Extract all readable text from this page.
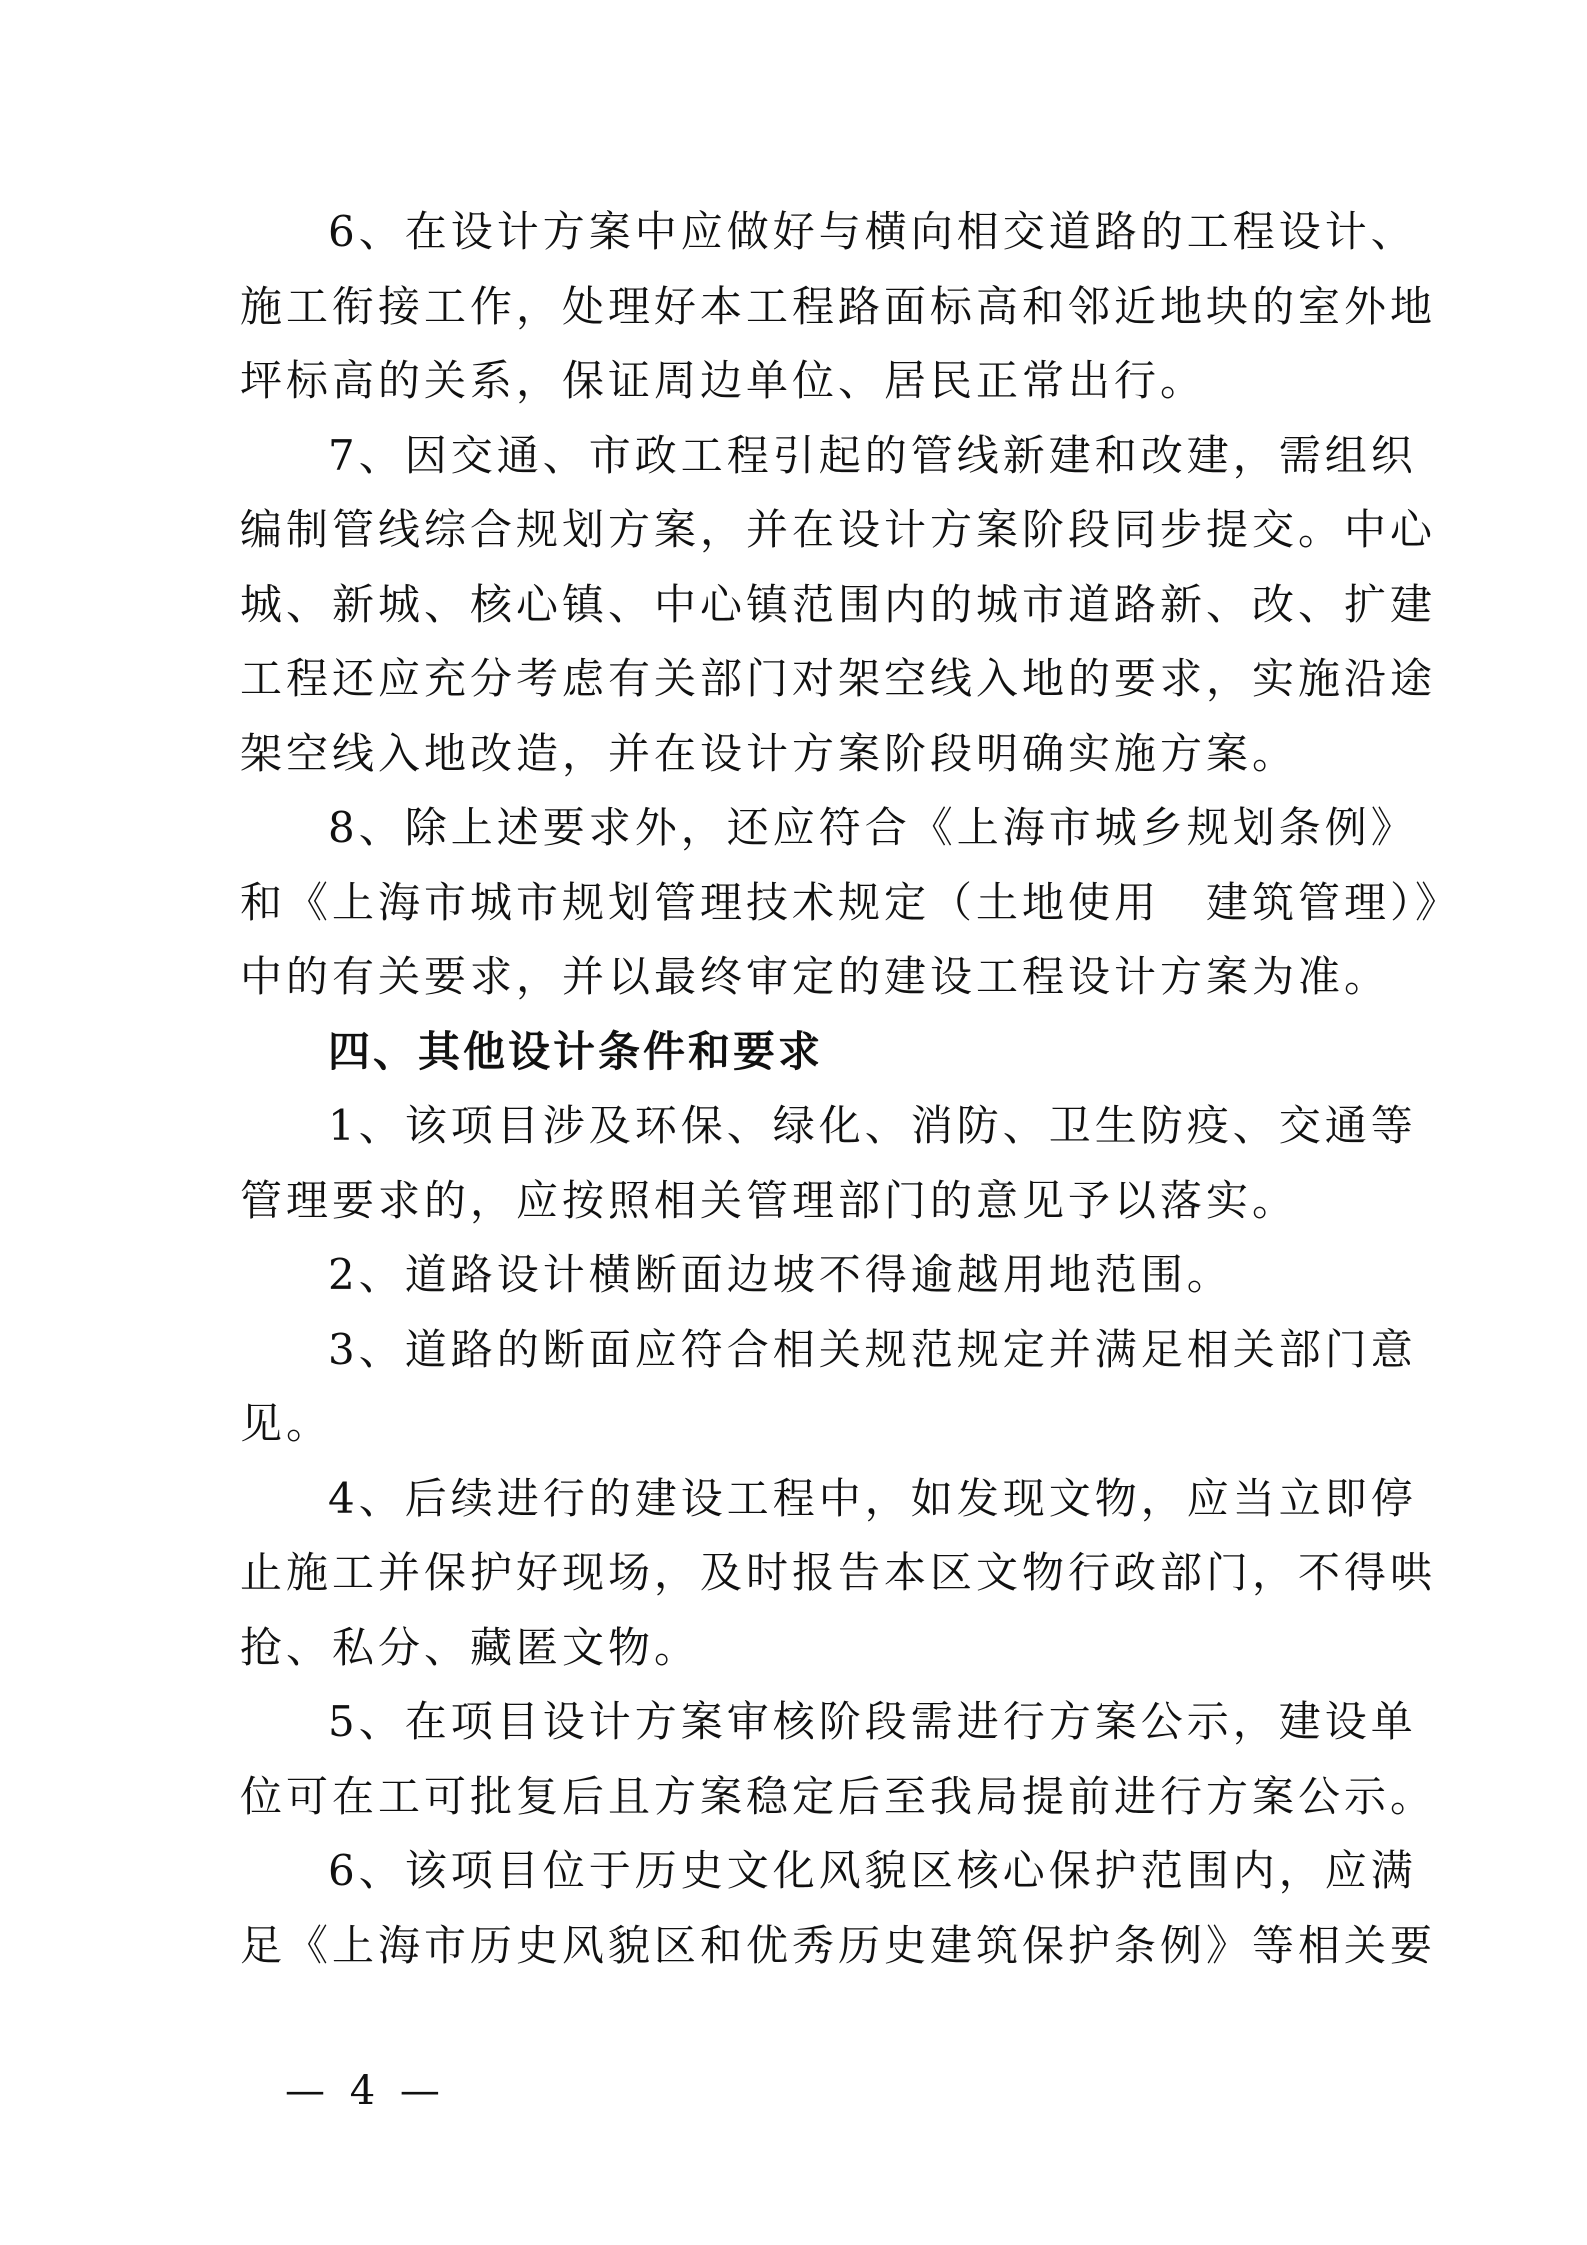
6、在设计方案中应做好与横向相交道路的工程设计、
施工衔接工作，处理好本工程路面标高和邻近地块的室外地
坪标高的关系，保证周边单位、居民正常出行。
7、因交通、市政工程引起的管线新建和改建，需组织
编制管线综合规划方案，并在设计方案阶段同步提交。中心
城、新城、核心镇、中心镇范围内的城市道路新、改、扩建
工程还应充分考虑有关部门对架空线入地的要求，实施沿途
架空线入地改造，并在设计方案阶段明确实施方案。
8、除上述要求外，还应符合《上海市城乡规划条例》
和《上海市城市规划管理技术规定（土地使用　建筑管理）》
中的有关要求，并以最终审定的建设工程设计方案为准。
四、其他设计条件和要求
1、该项目涉及环保、绿化、消防、卫生防疫、交通等
管理要求的，应按照相关管理部门的意见予以落实。
2、道路设计横断面边坡不得逾越用地范围。
3、道路的断面应符合相关规范规定并满足相关部门意
见。
4、后续进行的建设工程中，如发现文物，应当立即停
止施工并保护好现场，及时报告本区文物行政部门，不得哄
抢、私分、藏匿文物。
5、在项目设计方案审核阶段需进行方案公示，建设单
位可在工可批复后且方案稳定后至我局提前进行方案公示。
6、该项目位于历史文化风貌区核心保护范围内，应满
足《上海市历史风貌区和优秀历史建筑保护条例》等相关要
— 4 —
